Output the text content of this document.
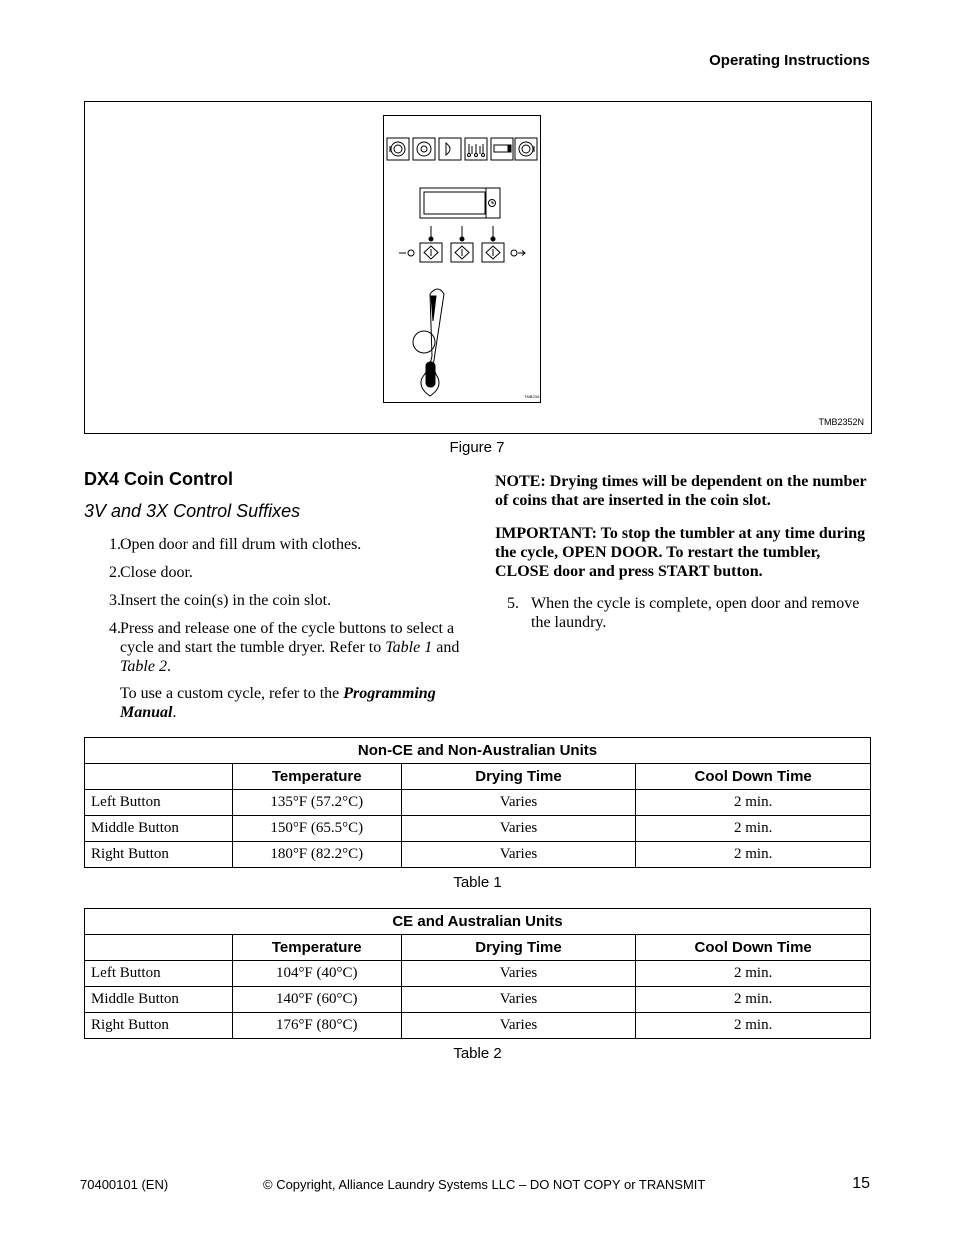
Operating Instructions
TMB2341
TMB2352N
Figure 7
DX4 Coin Control
3V and 3X Control Suffixes
1. Open door and fill drum with clothes.
2. Close door.
3. Insert the coin(s) in the coin slot.
4. Press and release one of the cycle buttons to select a cycle and start the tumble dryer. Refer to Table 1 and Table 2.
To use a custom cycle, refer to the Programming Manual.

NOTE: Drying times will be dependent on the number of coins that are inserted in the coin slot.

IMPORTANT: To stop the tumbler at any time during the cycle, OPEN DOOR. To restart the tumbler, CLOSE door and press START button.

5. When the cycle is complete, open door and remove the laundry.
Non-CE and Non-Australian Units			
	Temperature	Drying Time	Cool Down Time
Left Button	135°F (57.2°C)	Varies	2 min.
Middle Button	150°F (65.5°C)	Varies	2 min.
Right Button	180°F (82.2°C)	Varies	2 min.
Table 1
CE and Australian Units			
	Temperature	Drying Time	Cool Down Time
Left Button	104°F (40°C)	Varies	2 min.
Middle Button	140°F (60°C)	Varies	2 min.
Right Button	176°F (80°C)	Varies	2 min.
Table 2
70400101 (EN)	© Copyright, Alliance Laundry Systems LLC – DO NOT COPY or TRANSMIT	15
